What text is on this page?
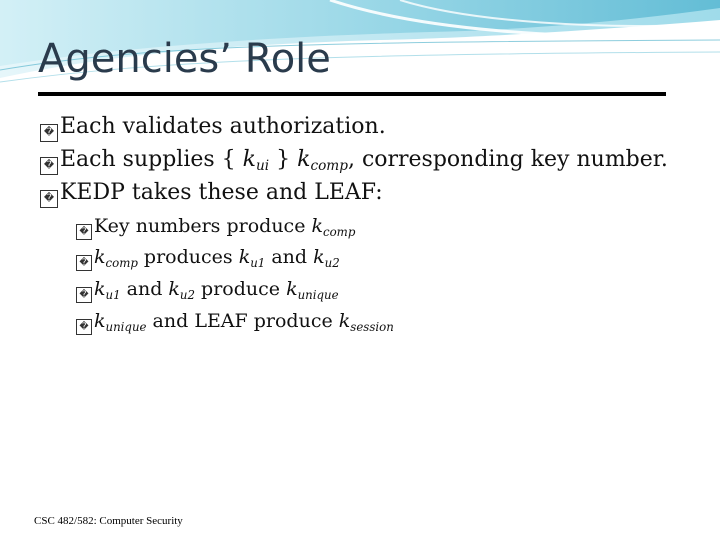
Agencies’ Role
� Each validates authorization.
� Each supplies { $k_{ui}$ } $k_{comp}$, corresponding key number.
� KEDP takes these and LEAF:
� Key numbers produce $k_{comp}$
� $k_{comp}$ produces $k_{u1}$ and $k_{u2}$
� $k_{u1}$ and $k_{u2}$ produce $k_{unique}$
� $k_{unique}$ and LEAF produce $k_{session}$
CSC 482/582: Computer Security
